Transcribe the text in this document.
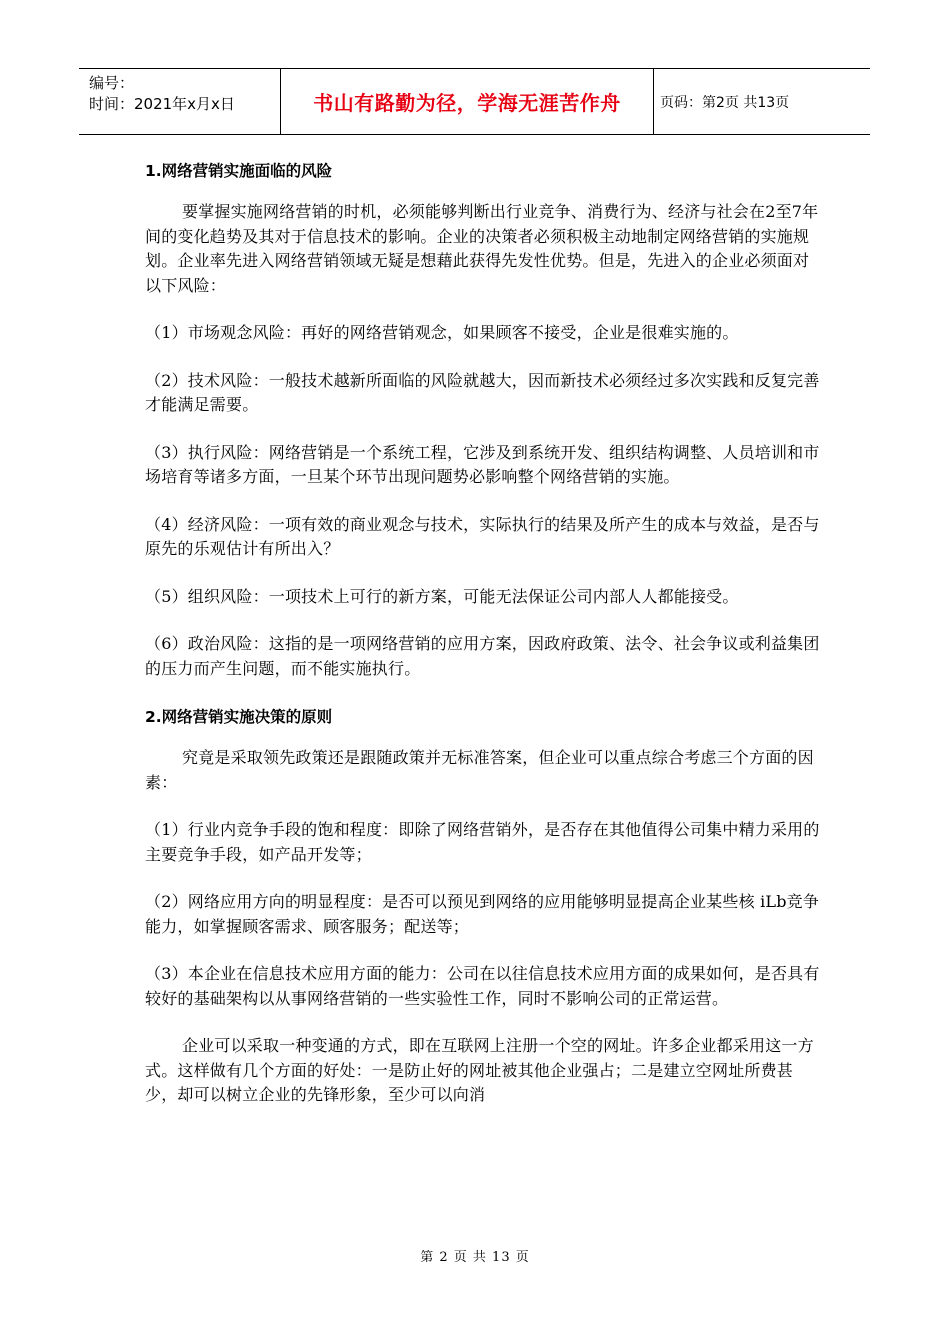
编号：
时间：2021年x月x日	书山有路勤为径，学海无涯苦作舟	页码：第2页 共13页
1.网络营销实施面临的风险

要掌握实施网络营销的时机，必须能够判断出行业竞争、消费行为、经济与社会在2至7年间的变化趋势及其对于信息技术的影响。企业的决策者必须积极主动地制定网络营销的实施规划。企业率先进入网络营销领域无疑是想藉此获得先发性优势。但是，先进入的企业必须面对以下风险：

（1）市场观念风险：再好的网络营销观念，如果顾客不接受，企业是很难实施的。

（2）技术风险：一般技术越新所面临的风险就越大，因而新技术必须经过多次实践和反复完善才能满足需要。

（3）执行风险：网络营销是一个系统工程，它涉及到系统开发、组织结构调整、人员培训和市场培育等诸多方面，一旦某个环节出现问题势必影响整个网络营销的实施。

（4）经济风险：一项有效的商业观念与技术，实际执行的结果及所产生的成本与效益，是否与原先的乐观估计有所出入？

（5）组织风险：一项技术上可行的新方案，可能无法保证公司内部人人都能接受。

（6）政治风险：这指的是一项网络营销的应用方案，因政府政策、法令、社会争议或利益集团的压力而产生问题，而不能实施执行。

2.网络营销实施决策的原则

究竟是采取领先政策还是跟随政策并无标准答案，但企业可以重点综合考虑三个方面的因素：

（1）行业内竞争手段的饱和程度：即除了网络营销外，是否存在其他值得公司集中精力采用的主要竞争手段，如产品开发等；

（2）网络应用方向的明显程度：是否可以预见到网络的应用能够明显提高企业某些核 iLb竞争能力，如掌握顾客需求、顾客服务；配送等；

（3）本企业在信息技术应用方面的能力：公司在以往信息技术应用方面的成果如何，是否具有较好的基础架构以从事网络营销的一些实验性工作，同时不影响公司的正常运营。

企业可以采取一种变通的方式，即在互联网上注册一个空的网址。许多企业都采用这一方式。这样做有几个方面的好处：一是防止好的网址被其他企业强占；二是建立空网址所费甚少，却可以树立企业的先锋形象，至少可以向消

第 2 页 共 13 页
